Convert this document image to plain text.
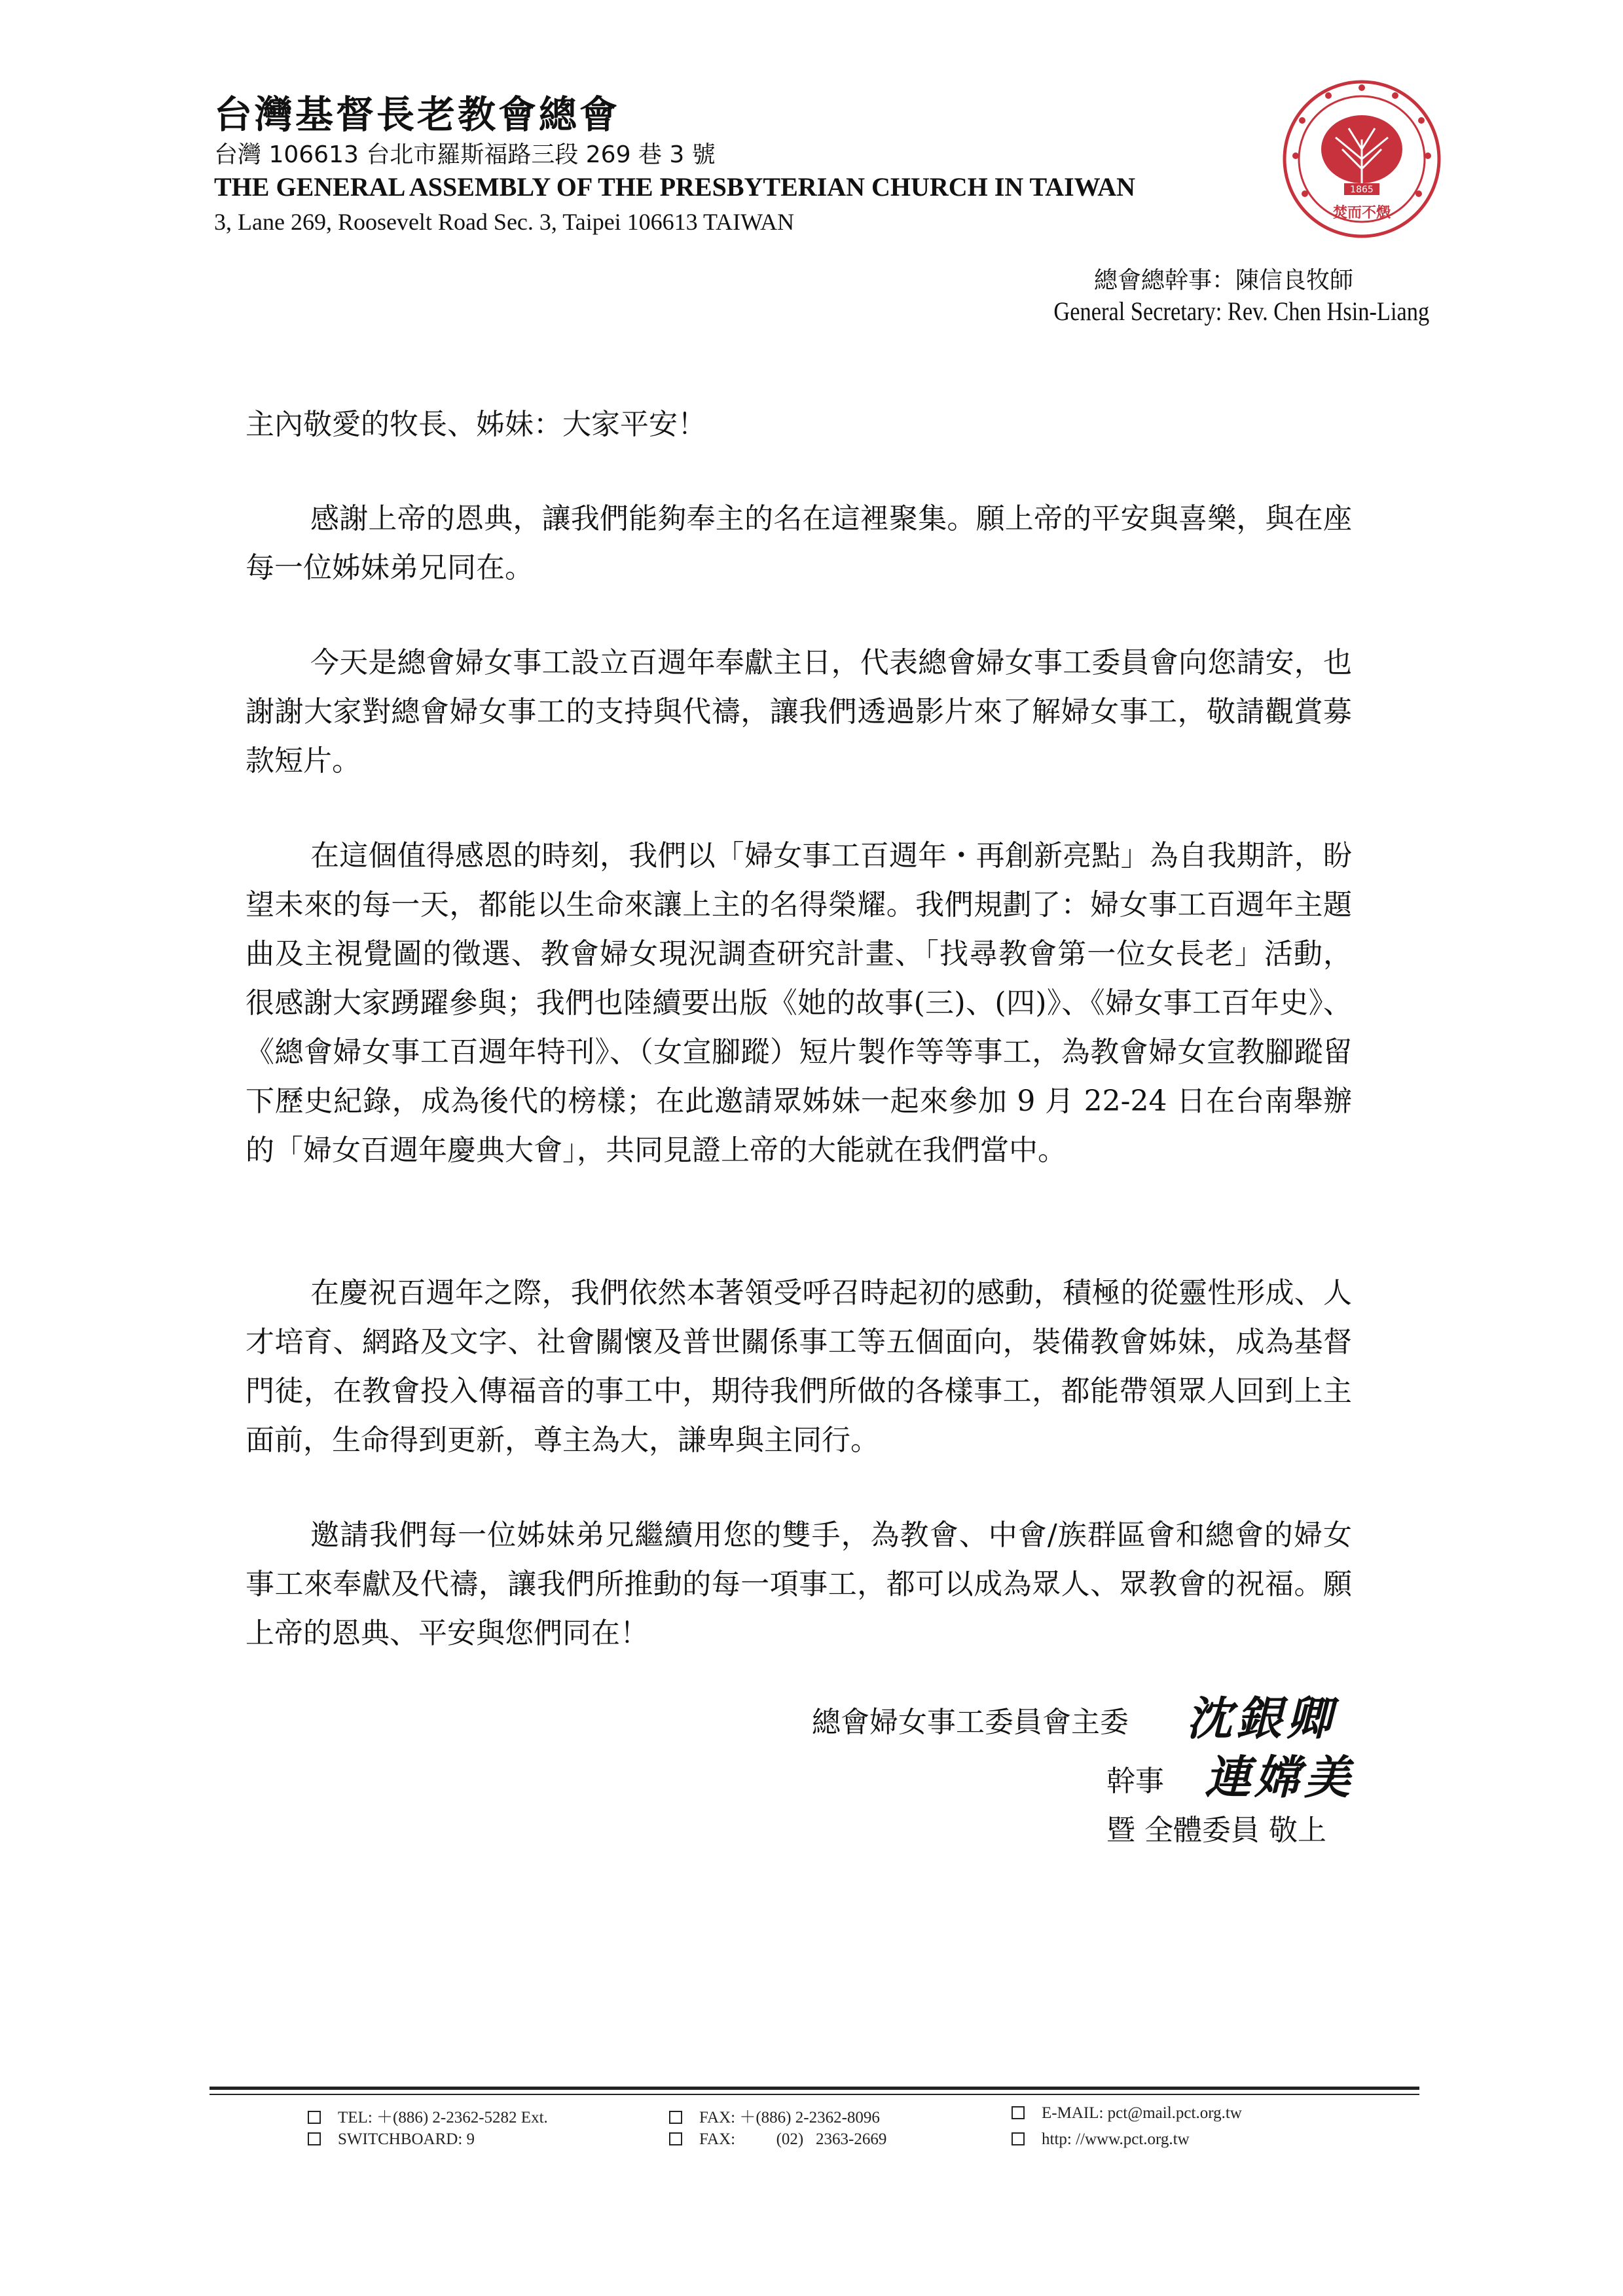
台灣基督長老教會總會
台灣 106613 台北市羅斯福路三段 269 巷 3 號
THE GENERAL ASSEMBLY OF THE PRESBYTERIAN CHURCH IN TAIWAN
3, Lane 269, Roosevelt Road Sec. 3, Taipei 106613 TAIWAN
1865
焚而不燬
總會總幹事：陳信良牧師
General Secretary: Rev. Chen Hsin-Liang
主內敬愛的牧長、姊妹：大家平安！
感謝上帝的恩典，讓我們能夠奉主的名在這裡聚集。願上帝的平安與喜樂，與在座每一位姊妹弟兄同在。
今天是總會婦女事工設立百週年奉獻主日，代表總會婦女事工委員會向您請安，也謝謝大家對總會婦女事工的支持與代禱，讓我們透過影片來了解婦女事工，敬請觀賞募款短片。
在這個值得感恩的時刻，我們以「婦女事工百週年・再創新亮點」為自我期許，盼望未來的每一天，都能以生命來讓上主的名得榮耀。我們規劃了：婦女事工百週年主題曲及主視覺圖的徵選、教會婦女現況調查研究計畫、「找尋教會第一位女長老」活動，很感謝大家踴躍參與；我們也陸續要出版《她的故事(三)、(四)》、《婦女事工百年史》、《總會婦女事工百週年特刊》、（女宣腳蹤）短片製作等等事工，為教會婦女宣教腳蹤留下歷史紀錄，成為後代的榜樣；在此邀請眾姊妹一起來參加 9 月 22-24 日在台南舉辦的「婦女百週年慶典大會」，共同見證上帝的大能就在我們當中。
在慶祝百週年之際，我們依然本著領受呼召時起初的感動，積極的從靈性形成、人才培育、網路及文字、社會關懷及普世關係事工等五個面向，裝備教會姊妹，成為基督門徒，在教會投入傳福音的事工中，期待我們所做的各樣事工，都能帶領眾人回到上主面前，生命得到更新，尊主為大，謙卑與主同行。
邀請我們每一位姊妹弟兄繼續用您的雙手，為教會、中會/族群區會和總會的婦女事工來奉獻及代禱，讓我們所推動的每一項事工，都可以成為眾人、眾教會的祝福。願上帝的恩典、平安與您們同在！
總會婦女事工委員會主委 沈銀卿
幹事 連嫦美
暨 全體委員 敬上
TEL: ＋(886) 2-2362-5282 Ext.
SWITCHBOARD: 9
FAX: ＋(886) 2-2362-8096
FAX:          (02)   2363-2669
E-MAIL: pct@mail.pct.org.tw
http: //www.pct.org.tw
